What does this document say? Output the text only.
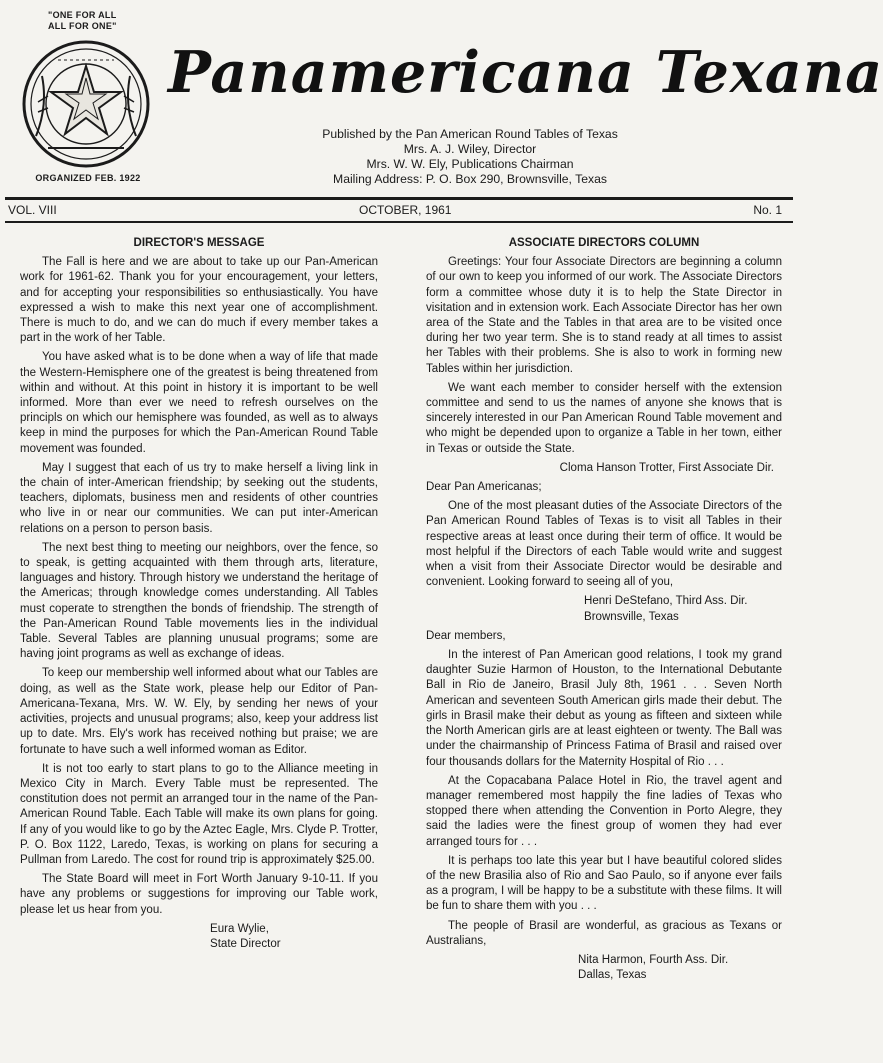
"ONE FOR ALL
ALL FOR ONE"
ORGANIZED FEB. 1922
Panamericana Texana
Published by the Pan American Round Tables of Texas
Mrs. A. J. Wiley, Director
Mrs. W. W. Ely, Publications Chairman
Mailing Address: P. O. Box 290, Brownsville, Texas
VOL. VIII	OCTOBER, 1961	No. 1
DIRECTOR'S MESSAGE

The Fall is here and we are about to take up our Pan-American work for 1961-62. Thank you for your encouragement, your letters, and for accepting your responsibilities so enthusiastically. You have expressed a wish to make this next year one of accomplishment. There is much to do, and we can do much if every member takes a part in the work of her Table.

You have asked what is to be done when a way of life that made the Western-Hemisphere one of the greatest is being threatened from within and without. At this point in history it is important to be well informed. More than ever we need to refresh ourselves on the principls on which our hemisphere was founded, as well as to always keep in mind the purposes for which the Pan-American Round Table movement was founded.

May I suggest that each of us try to make herself a living link in the chain of inter-American friendship; by seeking out the students, teachers, diplomats, business men and residents of other countries who live in or near our communities. We can put inter-American relations on a person to person basis.

The next best thing to meeting our neighbors, over the fence, so to speak, is getting acquainted with them through arts, literature, languages and history. Through history we understand the heritage of the Americas; through knowledge comes understanding. All Tables must coperate to strengthen the bonds of friendship. The strength of the Pan-American Round Table movements lies in the individual Table. Several Tables are planning unusual programs; some are having joint programs as well as exchange of ideas.

To keep our membership well informed about what our Tables are doing, as well as the State work, please help our Editor of Pan-Americana-Texana, Mrs. W. W. Ely, by sending her news of your activities, projects and unusual programs; also, keep your address list up to date. Mrs. Ely's work has received nothing but praise; we are fortunate to have such a well informed woman as Editor.

It is not too early to start plans to go to the Alliance meeting in Mexico City in March. Every Table must be represented. The constitution does not permit an arranged tour in the name of the Pan-American Round Table. Each Table will make its own plans for going. If any of you would like to go by the Aztec Eagle, Mrs. Clyde P. Trotter, P. O. Box 1122, Laredo, Texas, is working on plans for securing a Pullman from Laredo. The cost for round trip is approximately $25.00.

The State Board will meet in Fort Worth January 9-10-11. If you have any problems or suggestions for improving our Table work, please let us hear from you.

Eura Wylie,
State Director
ASSOCIATE DIRECTORS COLUMN

Greetings: Your four Associate Directors are beginning a column of our own to keep you informed of our work. The Associate Directors form a committee whose duty it is to help the State Director in visitation and in extension work. Each Associate Director has her own area of the State and the Tables in that area are to be visited once during her two year term. She is to stand ready at all times to assist her Tables with their problems. She is also to work in forming new Tables within her jurisdiction.

We want each member to consider herself with the extension committee and send to us the names of anyone she knows that is sincerely interested in our Pan American Round Table movement and who might be depended upon to organize a Table in her town, either in Texas or outside the State.

Cloma Hanson Trotter, First Associate Dir.

Dear Pan Americanas;

One of the most pleasant duties of the Associate Directors of the Pan American Round Tables of Texas is to visit all Tables in their respective areas at least once during their term of office. It would be most helpful if the Directors of each Table would write and suggest when a visit from their Associate Director would be desirable and convenient. Looking forward to seeing all of you,

Henri DeStefano, Third Ass. Dir.
Brownsville, Texas

Dear members,

In the interest of Pan American good relations, I took my grand daughter Suzie Harmon of Houston, to the International Debutante Ball in Rio de Janeiro, Brasil July 8th, 1961 . . . Seven North American and seventeen South American girls made their debut. The girls in Brasil make their debut as young as fifteen and sixteen while the North American girls are at least eighteen or twenty. The Ball was under the chairmanship of Princess Fatima of Brasil and raised over four thousands dollars for the Maternity Hospital of Rio . . .

At the Copacabana Palace Hotel in Rio, the travel agent and manager remembered most happily the fine ladies of Texas who stopped there when attending the Convention in Porto Alegre, they said the ladies were the finest group of women they had ever arranged tours for . . .

It is perhaps too late this year but I have beautiful colored slides of the new Brasilia also of Rio and Sao Paulo, so if anyone ever fails as a program, I will be happy to be a substitute with these films. It will be fun to share them with you . . .

The people of Brasil are wonderful, as gracious as Texans or Australians,

Nita Harmon, Fourth Ass. Dir.
Dallas, Texas
